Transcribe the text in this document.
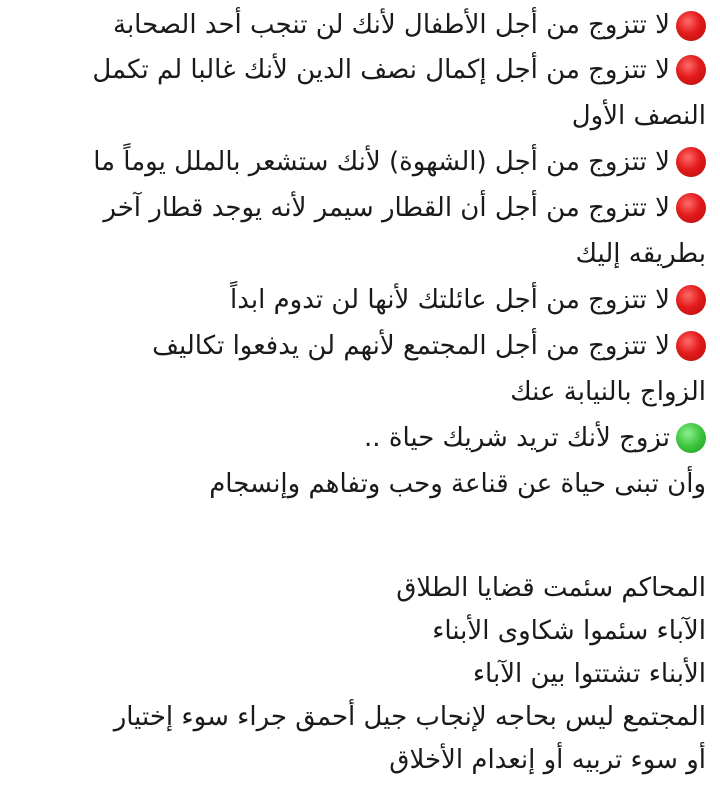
لا تتزوج من أجل الأطفال لأنك لن تنجب أحد الصحابة
لا تتزوج من أجل إكمال نصف الدين لأنك غالبا لم تكمل
النصف الأول
لا تتزوج من أجل (الشهوة) لأنك ستشعر بالملل يوماً ما
لا تتزوج من أجل أن القطار سيمر لأنه يوجد قطار آخر
بطريقه إليك
لا تتزوج من أجل عائلتك لأنها لن تدوم ابداً
لا تتزوج من أجل المجتمع لأنهم لن يدفعوا تكاليف
الزواج بالنيابة عنك
تزوج لأنك تريد شريك حياة ..
وأن تبنى حياة عن قناعة وحب وتفاهم وإنسجام
المحاكم سئمت قضايا الطلاق
الآباء سئموا شكاوى الأبناء
الأبناء تشتتوا بين الآباء
المجتمع ليس بحاجه لإنجاب جيل أحمق جراء سوء إختيار
أو سوء تربيه أو إنعدام الأخلاق
